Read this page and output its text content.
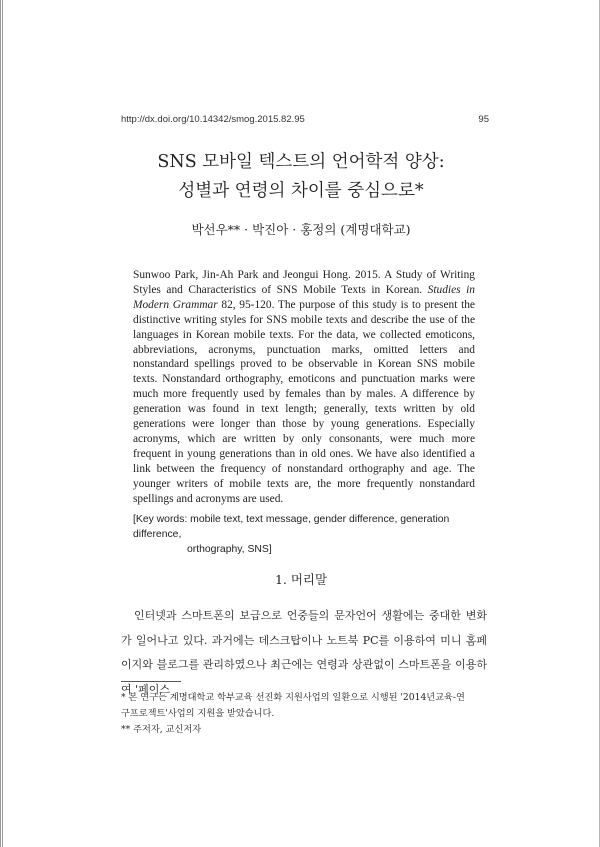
http://dx.doi.org/10.14342/smog.2015.82.95	95
SNS 모바일 텍스트의 언어학적 양상:
성별과 연령의 차이를 중심으로*
박선우** · 박진아 · 홍정의 (계명대학교)

Sunwoo Park, Jin-Ah Park and Jeongui Hong. 2015. A Study of Writing Styles and Characteristics of SNS Mobile Texts in Korean. Studies in Modern Grammar 82, 95-120. The purpose of this study is to present the distinctive writing styles for SNS mobile texts and describe the use of the languages in Korean mobile texts. For the data, we collected emoticons, abbreviations, acronyms, punctuation marks, omitted letters and nonstandard spellings proved to be observable in Korean SNS mobile texts. Nonstandard orthography, emoticons and punctuation marks were much more frequently used by females than by males. A difference by generation was found in text length; generally, texts written by old generations were longer than those by young generations. Especially acronyms, which are written by only consonants, were much more frequent in young generations than in old ones. We have also identified a link between the frequency of nonstandard orthography and age. The younger writers of mobile texts are, the more frequently nonstandard spellings and acronyms are used.

[Key words: mobile text, text message, gender difference, generation difference,
orthography, SNS]
1. 머리말

인터넷과 스마트폰의 보급으로 언중들의 문자언어 생활에는 중대한 변화가 일어나고 있다. 과거에는 데스크탑이나 노트북 PC를 이용하여 미니 홈페이지와 블로그를 관리하였으나 최근에는 연령과 상관없이 스마트폰을 이용하여 '페이스

* 본 연구는 계명대학교 학부교육 선진화 지원사업의 일환으로 시행된 '2014년교육-연
구프로젝트'사업의 지원을 받았습니다.
** 주저자, 교신저자
